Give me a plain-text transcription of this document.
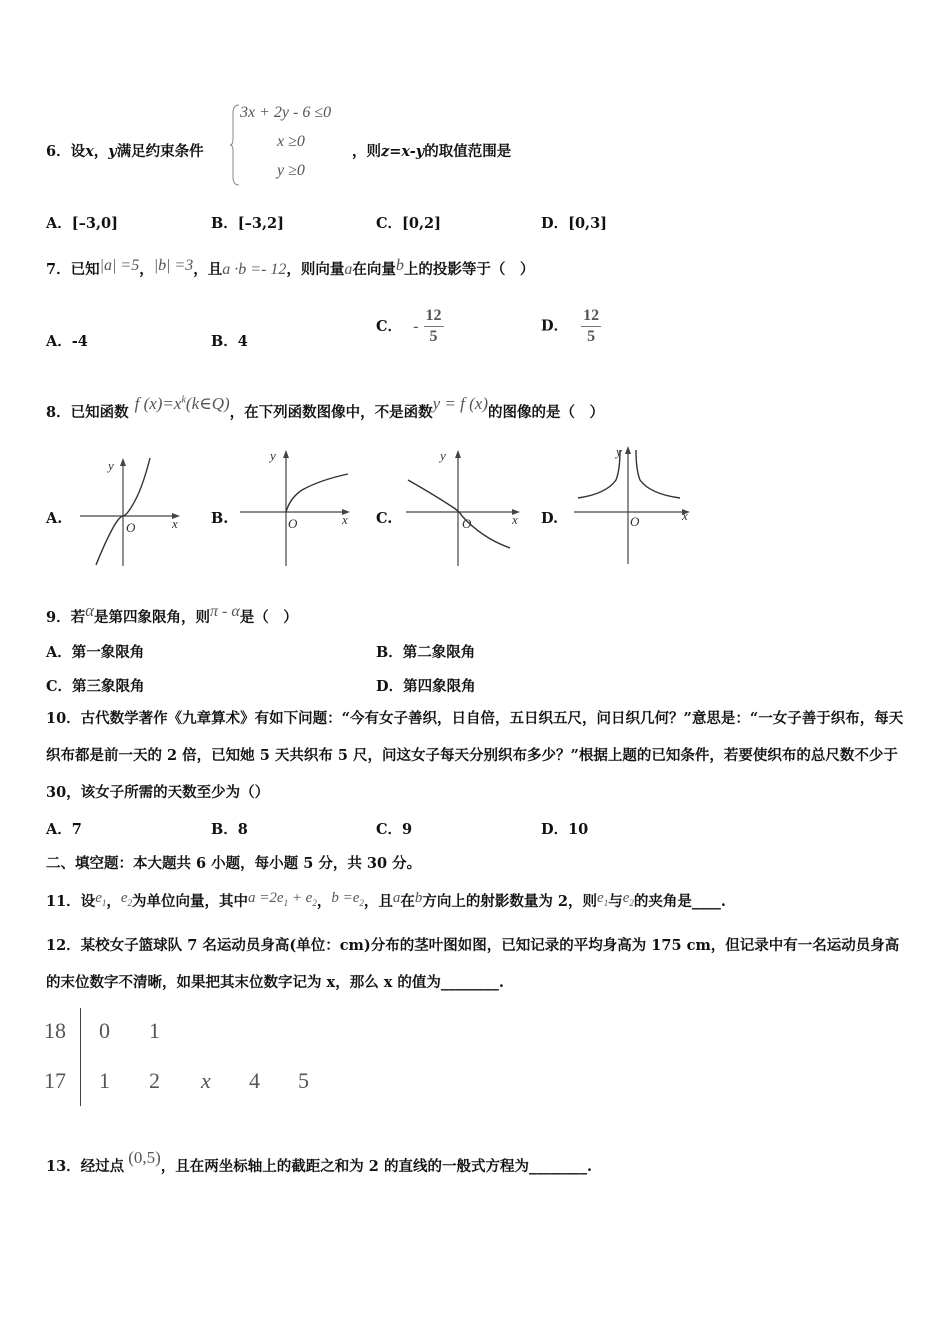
6．设x，y满足约束条件
3x + 2y - 6 ≤0
x ≥0
y ≥0
，则z=x-y的取值范围是
A．[–3,0]	B．[–3,2]	C．[0,2]	D．[0,3]
7．已知|a| =5，|b| =3，且a ·b =- 12，则向量a在向量b上的投影等于（　）
A．-4	B．4
C． - $\frac{12}{5}$	D． $\frac{12}{5}$
8．已知函数 f $(x)=x^k(k\in Q)$，在下列函数图像中，不是函数y = f (x)的图像的是（　）
A.
y
O	x B.
y
O	x C.
y
O	x D.
y
O	x
9．若α是第四象限角，则π - α是（　）
A．第一象限角	B．第二象限角
C．第三象限角	D．第四象限角
10．古代数学著作《九章算术》有如下问题：“今有女子善织，日自倍，五日织五尺，问日织几何？”意思是：“一女子善于织布，每天织布都是前一天的 2 倍，已知她 5 天共织布 5 尺，问这女子每天分别织布多少？”根据上题的已知条件，若要使织布的总尺数不少于 30，该女子所需的天数至少为（）
A．7	B．8	C．9	D．10
二、填空题：本大题共 6 小题，每小题 5 分，共 30 分。
11．设$e_1$，$e_2$为单位向量，其中$a =2e_1 + e_2$，$b =e_2$，且a在b方向上的射影数量为 2，则$e_1$与$e_2$的夹角是____.
12．某校女子篮球队 7 名运动员身高(单位：cm)分布的茎叶图如图，已知记录的平均身高为 175 cm，但记录中有一名运动员身高的末位数字不清晰，如果把其末位数字记为 x，那么 x 的值为________.
18 0 1
17 1 2 x 4 5
13．经过点 (0,5)，且在两坐标轴上的截距之和为 2 的直线的一般式方程为________.
